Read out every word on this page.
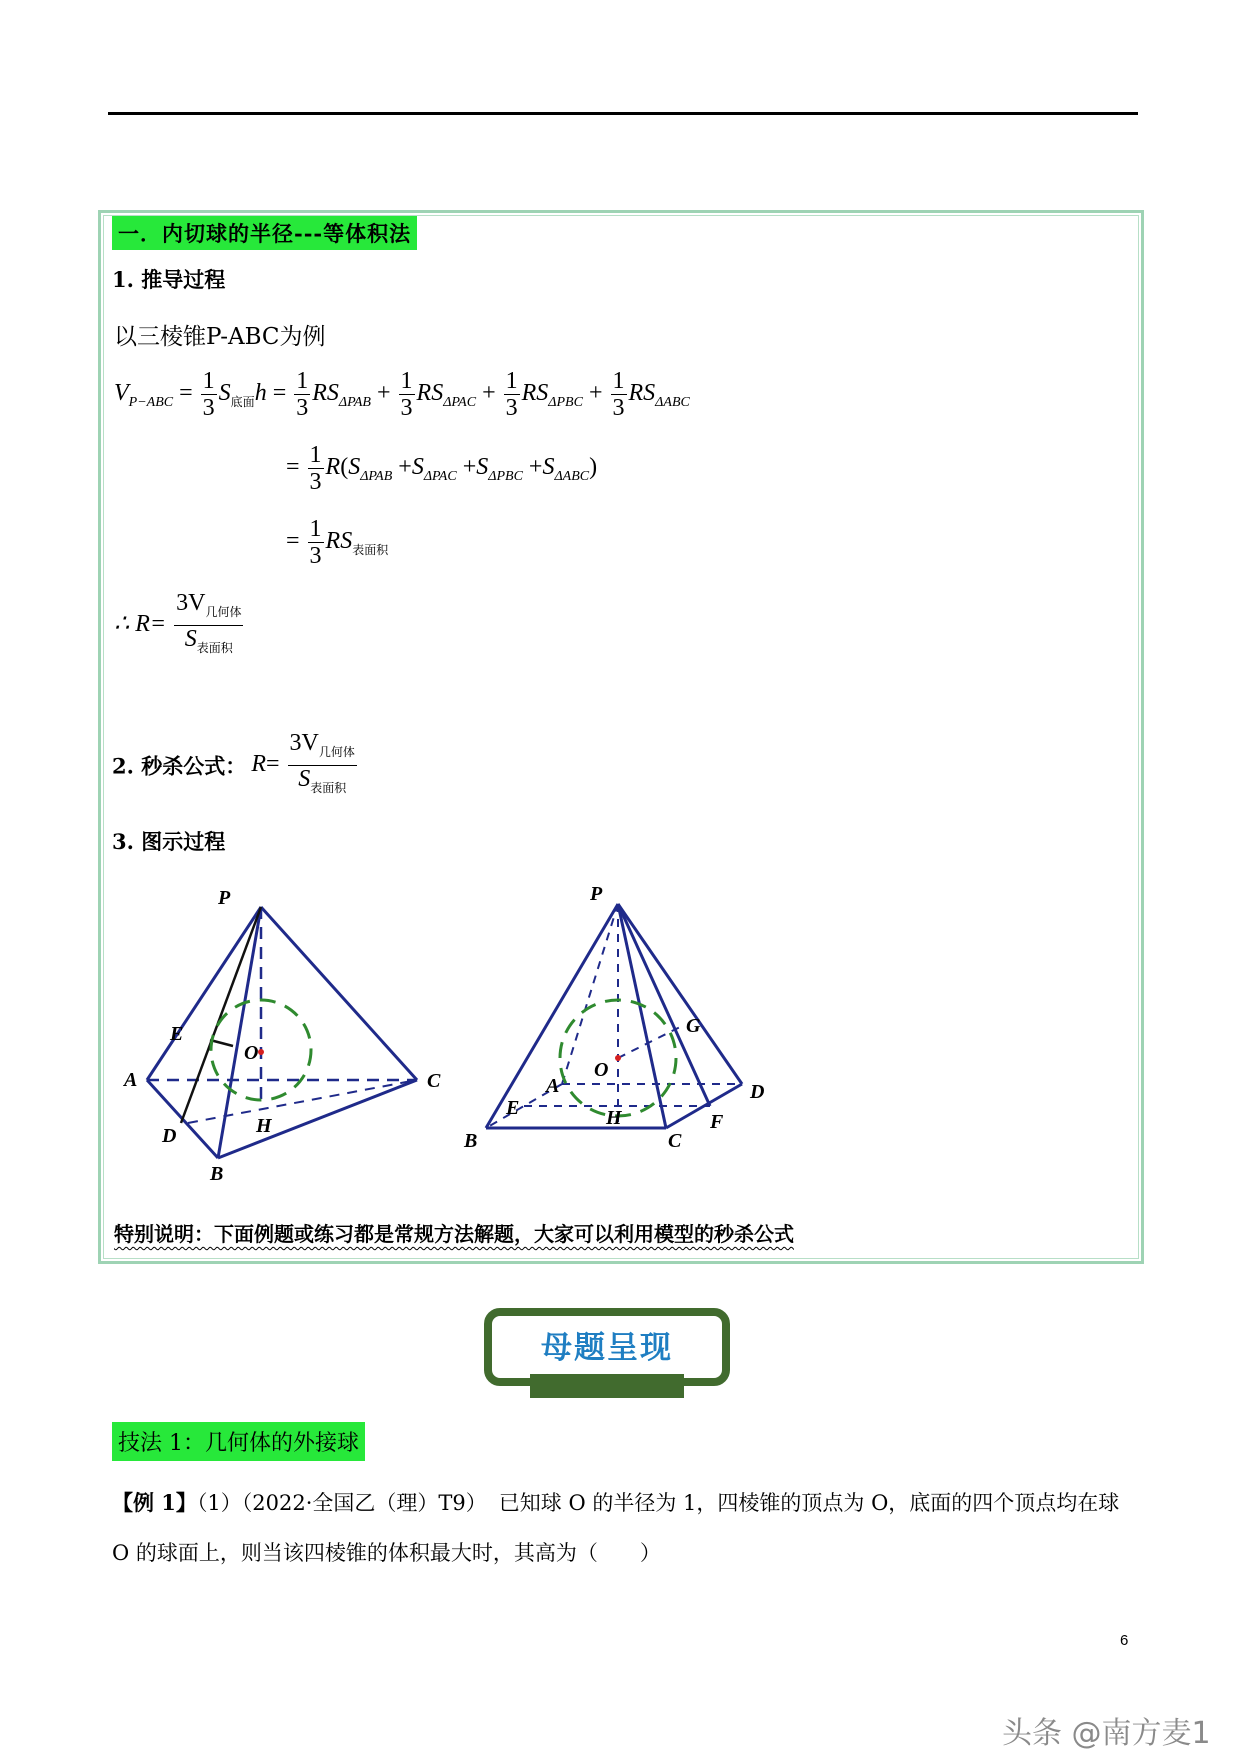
一．内切球的半径---等体积法
1. 推导过程
以三棱锥P-ABC为例
$V_{P-ABC} = \frac{1}{3} S_{底面}h = \frac{1}{3} RS_{\Delta PAB} + \frac{1}{3} RS_{\Delta PAC} + \frac{1}{3} RS_{\Delta PBC} + \frac{1}{3} RS_{\Delta ABC}$
= $\frac{1}{3} R(S_{\Delta PAB} +S_{\Delta PAC} +S_{\Delta PBC} +S_{\Delta ABC})$
= $\frac{1}{3} RS_{表面积}$
∴ $R= \frac{3V_{几何体}}{S_{表面积}}$
2. 秒杀公式： $R= \frac{3V_{几何体}}{S_{表面积}}$
3. 图示过程
P
E
O
A	C
D	H
B
P
G
O
A	D
E	H	F
B	C
特别说明：下面例题或练习都是常规方法解题，大家可以利用模型的秒杀公式
母题呈现
技法 1：几何体的外接球
【例 1】（1）（2022·全国乙（理）T9） 已知球 O 的半径为 1，四棱锥的顶点为 O，底面的四个顶点均在球
O 的球面上，则当该四棱锥的体积最大时，其高为（　　）
6
头条 @南方麦1
